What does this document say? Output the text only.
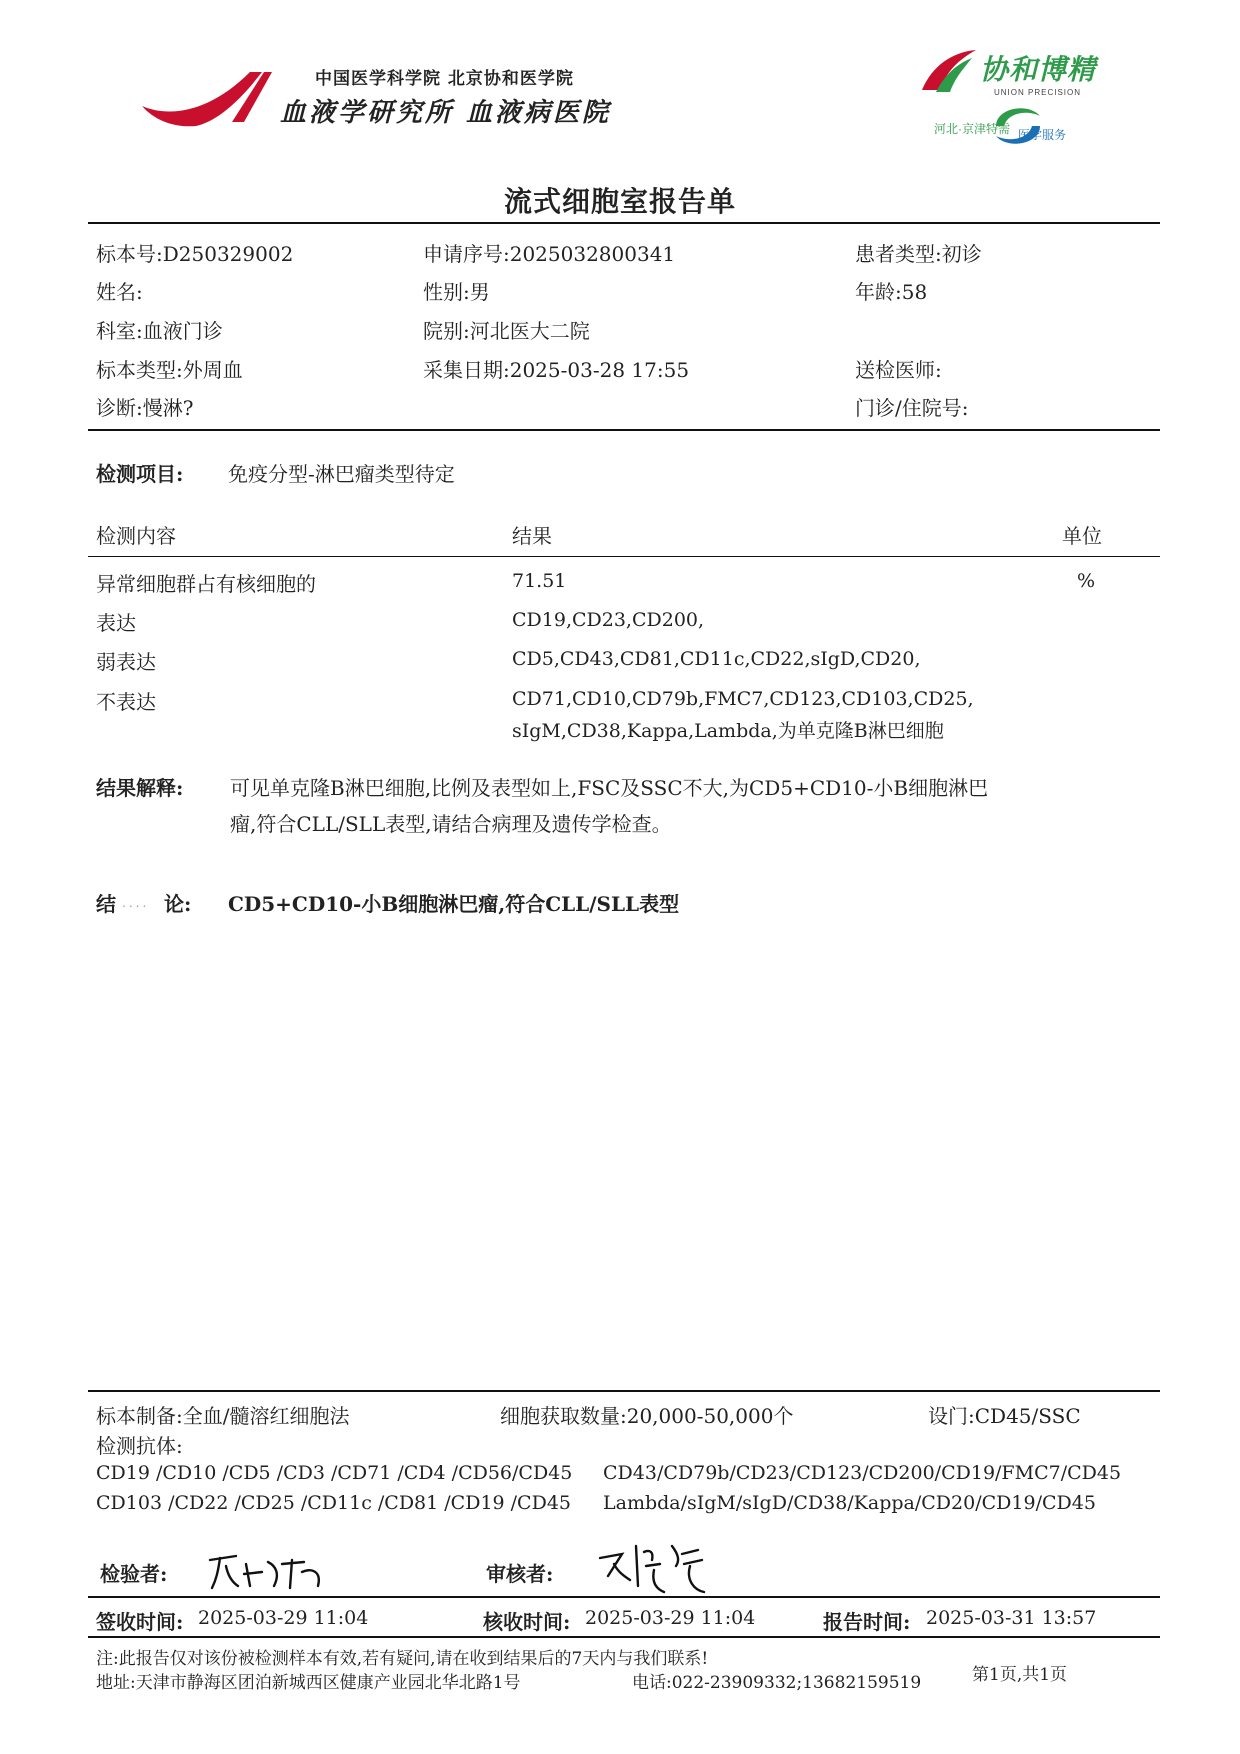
中国医学科学院 北京协和医学院
血液学研究所 血液病医院
协和博精
UNION PRECISION
河北·京津特需 医学服务
流式细胞室报告单
标本号:D250329002	申请序号:2025032800341	患者类型:初诊
姓名:	性别:男	年龄:58
科室:血液门诊	院别:河北医大二院
标本类型:外周血	采集日期:2025-03-28 17:55	送检医师:
诊断:慢淋?	门诊/住院号:
检测项目: 免疫分型-淋巴瘤类型待定
检测内容	结果	单位
异常细胞群占有核细胞的	71.51	%
表达	CD19,CD23,CD200,
弱表达	CD5,CD43,CD81,CD11c,CD22,sIgD,CD20,
不表达	CD71,CD10,CD79b,FMC7,CD123,CD103,CD25,
sIgM,CD38,Kappa,Lambda,为单克隆B淋巴细胞
结果解释: 可见单克隆B淋巴细胞,比例及表型如上,FSC及SSC不大,为CD5+CD10-小B细胞淋巴
瘤,符合CLL/SLL表型,请结合病理及遗传学检查。
结 .... 论: CD5+CD10-小B细胞淋巴瘤,符合CLL/SLL表型
标本制备:全血/髓溶红细胞法	细胞获取数量:20,000-50,000个	设门:CD45/SSC
检测抗体:
CD19 /CD10 /CD5 /CD3 /CD71 /CD4 /CD56/CD45 CD43/CD79b/CD23/CD123/CD200/CD19/FMC7/CD45
CD103 /CD22 /CD25 /CD11c /CD81 /CD19 /CD45 Lambda/sIgM/sIgD/CD38/Kappa/CD20/CD19/CD45
检验者:	审核者:
签收时间: 2025-03-29 11:04	核收时间: 2025-03-29 11:04	报告时间: 2025-03-31 13:57
注:此报告仅对该份被检测样本有效,若有疑问,请在收到结果后的7天内与我们联系!
地址:天津市静海区团泊新城西区健康产业园北华北路1号	电话:022-23909332;13682159519	第1页,共1页
